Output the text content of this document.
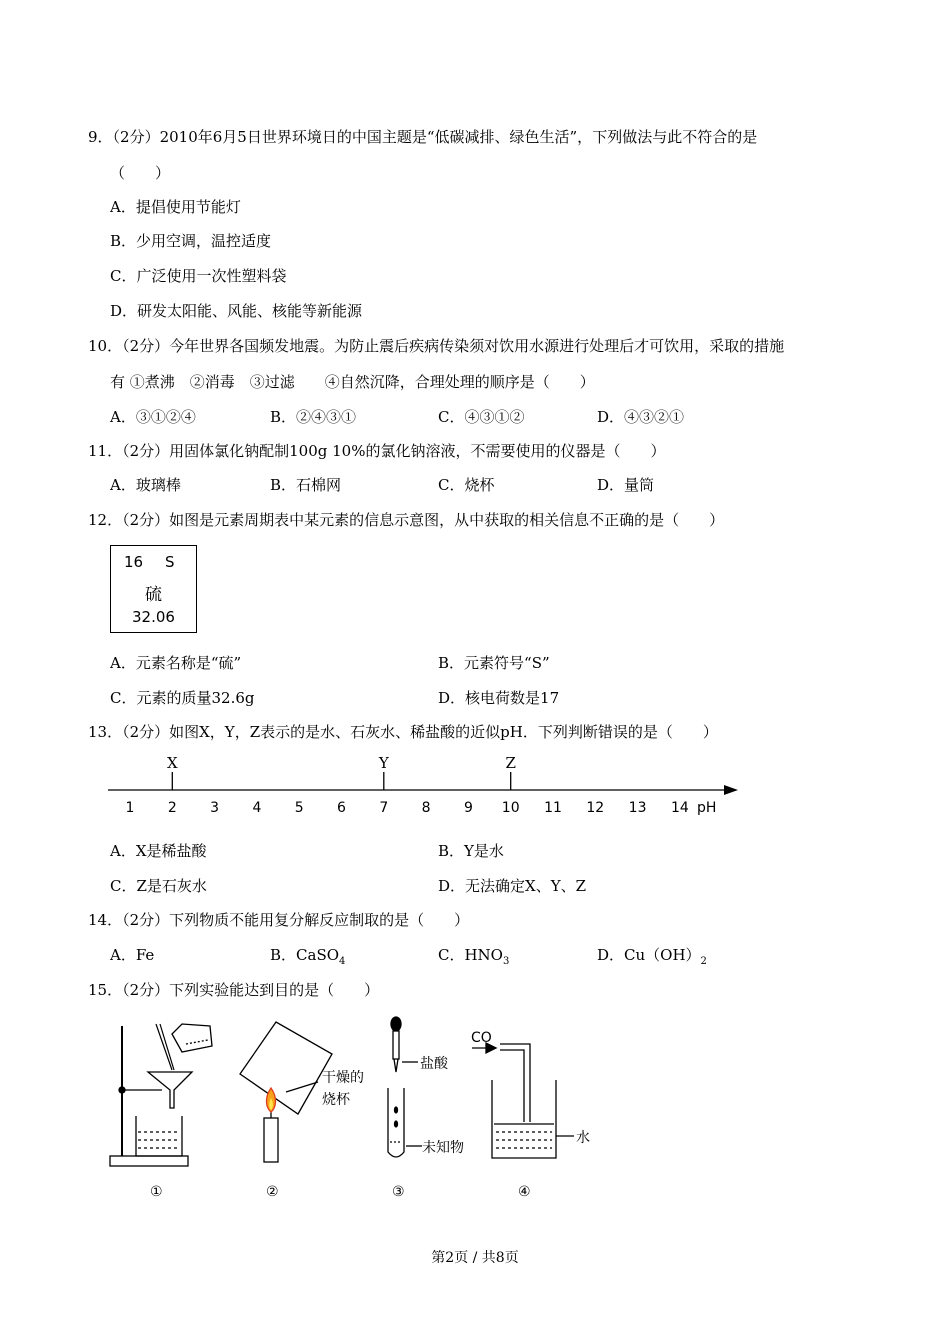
9．（2分）2010年6月5日世界环境日的中国主题是“低碳减排、绿色生活”，下列做法与此不符合的是
（　　）
A．提倡使用节能灯
B．少用空调，温控适度
C．广泛使用一次性塑料袋
D．研发太阳能、风能、核能等新能源
10．（2分）今年世界各国频发地震。为防止震后疾病传染须对饮用水源进行处理后才可饮用，采取的措施
有 ①煮沸　②消毒　③过滤　　④自然沉降，合理处理的顺序是（　　）
A．③①②④	B．②④③①	C．④③①②	D．④③②①
11．（2分）用固体氯化钠配制100g 10%的氯化钠溶液，不需要使用的仪器是（　　）
A．玻璃棒	B．石棉网	C．烧杯	D．量筒
12．（2分）如图是元素周期表中某元素的信息示意图，从中获取的相关信息不正确的是（　　）
16 S
硫
32.06
A．元素名称是“硫”	B．元素符号“S”
C．元素的质量32.6g	D．核电荷数是17
13．（2分）如图X，Y，Z表示的是水、石灰水、稀盐酸的近似pH．下列判断错误的是（　　）
1 2 3 4 5 6 7 8 9 10 11 12 13 14
X	Y	Z
pH
A．X是稀盐酸	B．Y是水
C．Z是石灰水	D．无法确定X、Y、Z
14．（2分）下列物质不能用复分解反应制取的是（　　）
A．Fe	B．CaSO$_4$	C．$HNO_3$	D．$Cu(OH)_2$
15．（2分）下列实验能达到目的是（　　）
干燥的
烧杯
盐酸
未知物
CO
水
①	②	③	④
第2页 / 共8页
